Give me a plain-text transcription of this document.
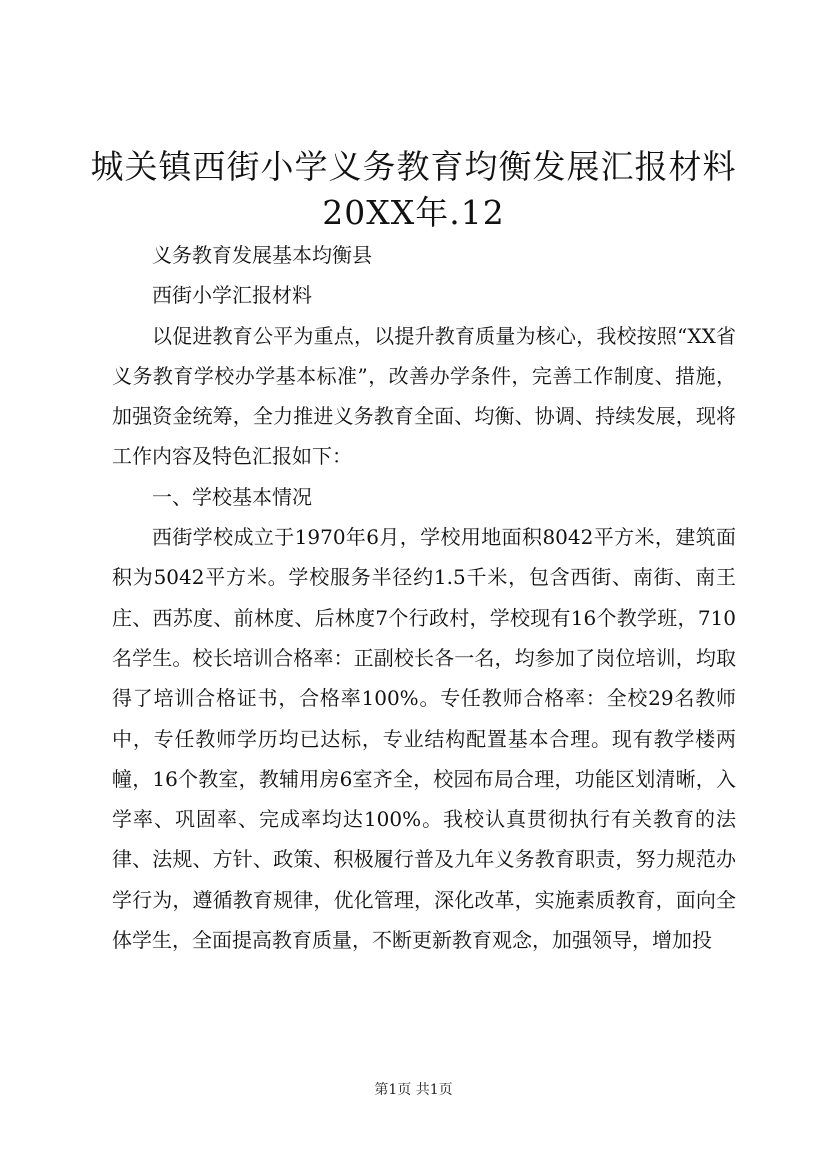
城关镇西街小学义务教育均衡发展汇报材料
20XX年.12

义务教育发展基本均衡县

西街小学汇报材料

以促进教育公平为重点，以提升教育质量为核心，我校按照“XX省义务教育学校办学基本标准”，改善办学条件，完善工作制度、措施，加强资金统筹，全力推进义务教育全面、均衡、协调、持续发展，现将工作内容及特色汇报如下：

一、学校基本情况

西街学校成立于1970年6月，学校用地面积8042平方米，建筑面积为5042平方米。学校服务半径约1.5千米，包含西街、南街、南王庄、西苏度、前林度、后林度7个行政村，学校现有16个教学班，710名学生。校长培训合格率：正副校长各一名，均参加了岗位培训，均取得了培训合格证书，合格率100%。专任教师合格率：全校29名教师中，专任教师学历均已达标，专业结构配置基本合理。现有教学楼两幢，16个教室，教辅用房6室齐全，校园布局合理，功能区划清晰，入学率、巩固率、完成率均达100%。我校认真贯彻执行有关教育的法律、法规、方针、政策、积极履行普及九年义务教育职责，努力规范办学行为，遵循教育规律，优化管理，深化改革，实施素质教育，面向全体学生，全面提高教育质量，不断更新教育观念，加强领导，增加投

第1页 共1页
